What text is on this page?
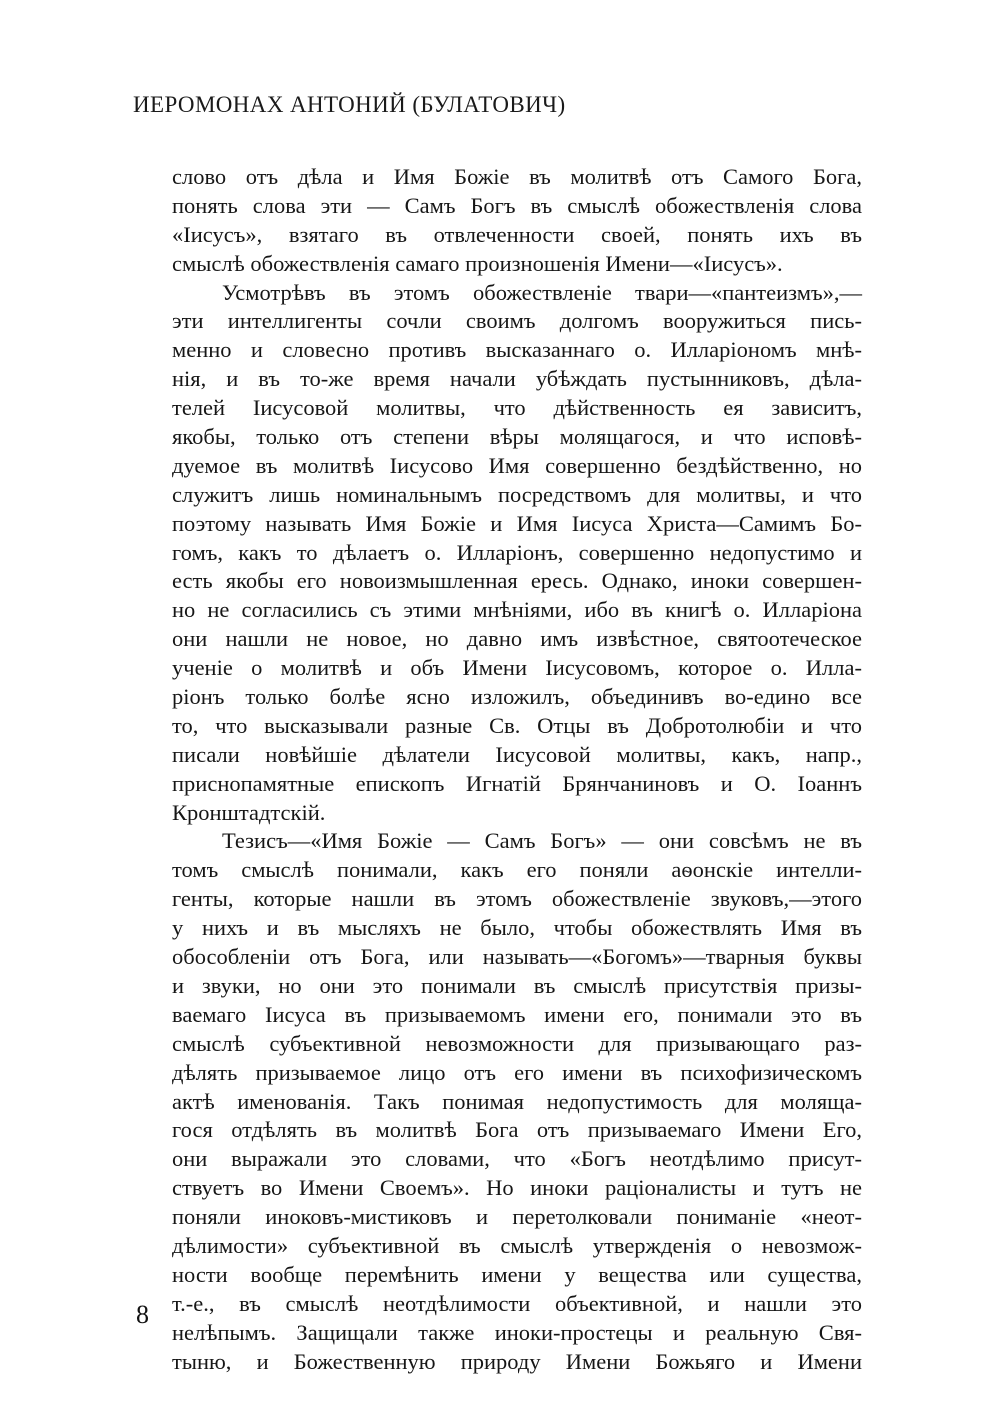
ИЕРОМОНАХ АНТОНИЙ (БУЛАТОВИЧ)
слово отъ дѣла и Имя Божіе въ молитвѣ отъ Самого Бога,
понять слова эти — Самъ Богъ въ смыслѣ обожествленія слова
«Іисусъ», взятаго въ отвлеченности своей, понять ихъ въ
смыслѣ обожествленія самаго произношенія Имени—«Іисусъ».
Усмотрѣвъ въ этомъ обожествленіе твари—«пантеизмъ»,—
эти интеллигенты сочли своимъ долгомъ вооружиться пись-
менно и словесно противъ высказаннаго о. Илларіономъ мнѣ-
нія, и въ то-же время начали убѣждать пустынниковъ, дѣла-
телей Іисусовой молитвы, что дѣйственность ея зависитъ,
якобы, только отъ степени вѣры молящагося, и что исповѣ-
дуемое въ молитвѣ Іисусово Имя совершенно бездѣйственно, но
служитъ лишь номинальнымъ посредствомъ для молитвы, и что
поэтому называть Имя Божіе и Имя Іисуса Христа—Самимъ Бо-
гомъ, какъ то дѣлаетъ о. Илларіонъ, совершенно недопустимо и
есть якобы его новоизмышленная ересь. Однако, иноки совершен-
но не согласились съ этими мнѣніями, ибо въ книгѣ о. Илларіона
они нашли не новое, но давно имъ извѣстное, святоотеческое
ученіе о молитвѣ и объ Имени Іисусовомъ, которое о. Илла-
ріонъ только болѣе ясно изложилъ, объединивъ во-едино все
то, что высказывали разные Св. Отцы въ Добротолюбіи и что
писали новѣйшіе дѣлатели Іисусовой молитвы, какъ, напр.,
приснопамятные епископъ Игнатій Брянчаниновъ и О. Іоаннъ
Кронштадтскій.
Тезисъ—«Имя Божіе — Самъ Богъ» — они совсѣмъ не въ
томъ смыслѣ понимали, какъ его поняли аѳонскіе интелли-
генты, которые нашли въ этомъ обожествленіе звуковъ,—этого
у нихъ и въ мысляхъ не было, чтобы обожествлять Имя въ
обособленіи отъ Бога, или называть—«Богомъ»—тварныя буквы
и звуки, но они это понимали въ смыслѣ присутствія призы-
ваемаго Іисуса въ призываемомъ имени его, понимали это въ
смыслѣ субъективной невозможности для призывающаго раз-
дѣлять призываемое лицо отъ его имени въ психофизическомъ
актѣ именованія. Такъ понимая недопустимость для моляща-
гося отдѣлять въ молитвѣ Бога отъ призываемаго Имени Его,
они выражали это словами, что «Богъ неотдѣлимо присут-
ствуетъ во Имени Своемъ». Но иноки раціоналисты и тутъ не
поняли иноковъ-мистиковъ и перетолковали пониманіе «неот-
дѣлимости» субъективной въ смыслѣ утвержденія о невозмож-
ности вообще перемѣнить имени у вещества или существа,
т.-е., въ смыслѣ неотдѣлимости объективной, и нашли это
нелѣпымъ. Защищали также иноки-простецы и реальную Свя-
тыню, и Божественную природу Имени Божьяго и Имени
8
